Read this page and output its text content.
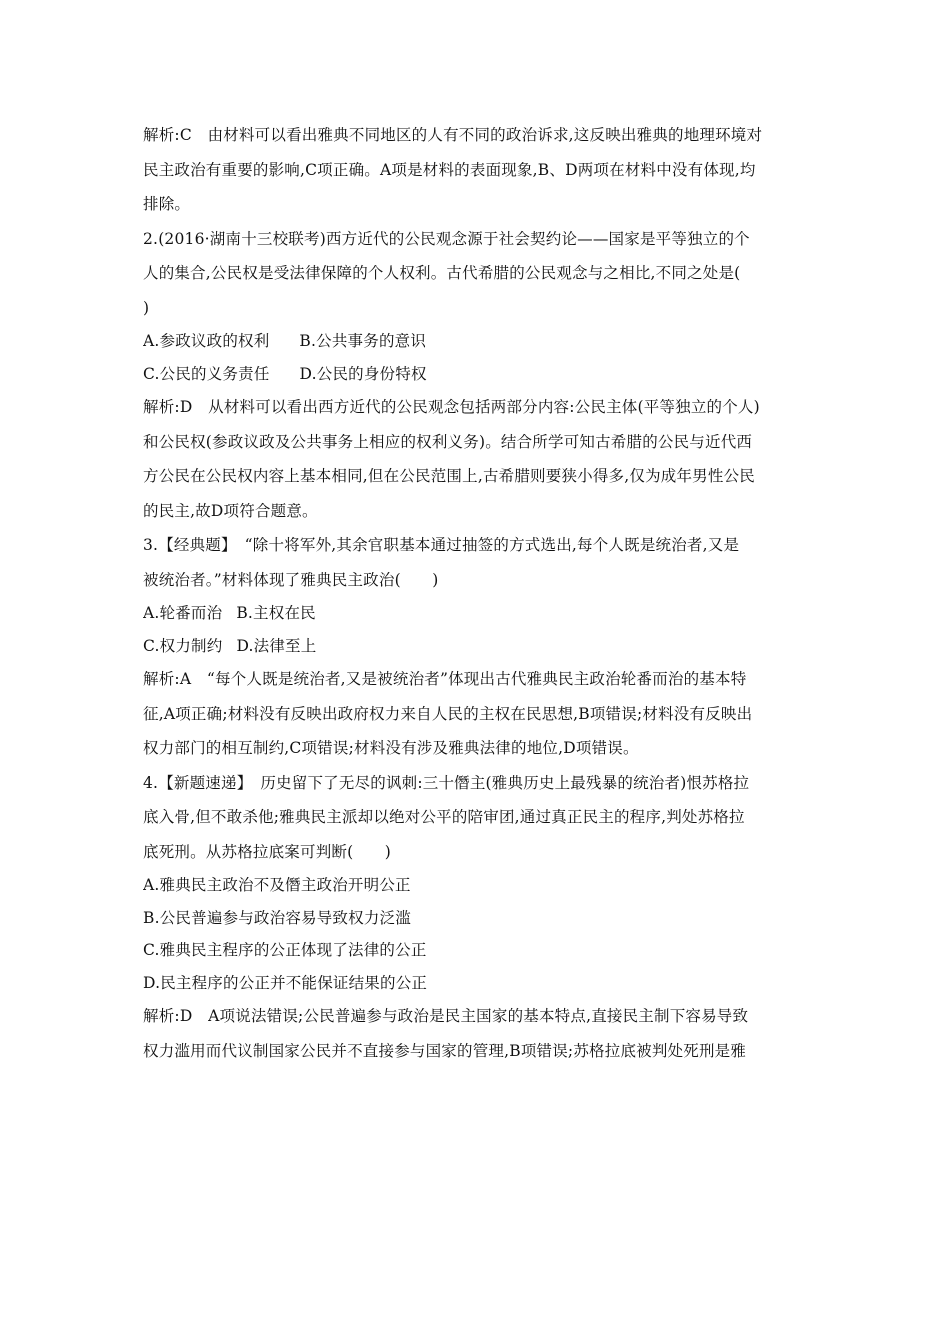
解析:C　由材料可以看出雅典不同地区的人有不同的政治诉求,这反映出雅典的地理环境对
民主政治有重要的影响,C项正确。A项是材料的表面现象,B、D两项在材料中没有体现,均
排除。
2.(2016·湖南十三校联考)西方近代的公民观念源于社会契约论——国家是平等独立的个
人的集合,公民权是受法律保障的个人权利。古代希腊的公民观念与之相比,不同之处是(
)
A.参政议政的权利 B.公共事务的意识
C.公民的义务责任 D.公民的身份特权
解析:D　从材料可以看出西方近代的公民观念包括两部分内容:公民主体(平等独立的个人)
和公民权(参政议政及公共事务上相应的权利义务)。结合所学可知古希腊的公民与近代西
方公民在公民权内容上基本相同,但在公民范围上,古希腊则要狭小得多,仅为成年男性公民
的民主,故D项符合题意。
3.【经典题】　“除十将军外,其余官职基本通过抽签的方式选出,每个人既是统治者,又是
被统治者。”材料体现了雅典民主政治(　　)
A.轮番而治 B.主权在民
C.权力制约 D.法律至上
解析:A　“每个人既是统治者,又是被统治者”体现出古代雅典民主政治轮番而治的基本特
征,A项正确;材料没有反映出政府权力来自人民的主权在民思想,B项错误;材料没有反映出
权力部门的相互制约,C项错误;材料没有涉及雅典法律的地位,D项错误。
4.【新题速递】　历史留下了无尽的讽刺:三十僭主(雅典历史上最残暴的统治者)恨苏格拉
底入骨,但不敢杀他;雅典民主派却以绝对公平的陪审团,通过真正民主的程序,判处苏格拉
底死刑。从苏格拉底案可判断(　　)
A.雅典民主政治不及僭主政治开明公正
B.公民普遍参与政治容易导致权力泛滥
C.雅典民主程序的公正体现了法律的公正
D.民主程序的公正并不能保证结果的公正
解析:D　A项说法错误;公民普遍参与政治是民主国家的基本特点,直接民主制下容易导致
权力滥用而代议制国家公民并不直接参与国家的管理,B项错误;苏格拉底被判处死刑是雅
